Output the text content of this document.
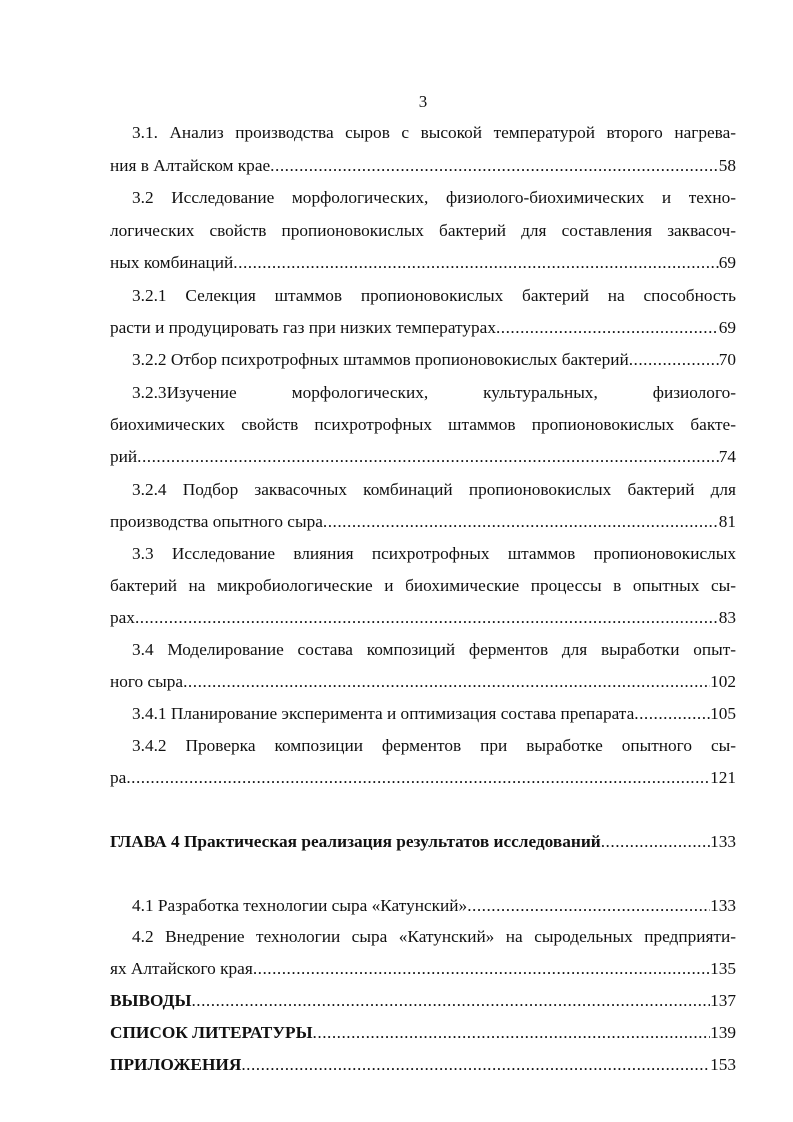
3
3.1. Анализ производства сыров с высокой температурой второго нагрева-
ния в Алтайском крае .....	58
3.2 Исследование морфологических, физиолого-биохимических и техно-
логических свойств пропионовокислых бактерий для составления заквасоч-
ных комбинаций .....	69
3.2.1 Селекция штаммов пропионовокислых бактерий на способность
расти и продуцировать газ при низких температурах .....	69
3.2.2 Отбор психротрофных штаммов пропионовокислых бактерий .....	70
3.2.3Изучение морфологических, культуральных, физиолого-
биохимических свойств психротрофных штаммов пропионовокислых бакте-
рий .....	74
3.2.4 Подбор заквасочных комбинаций пропионовокислых бактерий для
производства опытного сыра .....	81
3.3 Исследование влияния психротрофных штаммов пропионовокислых
бактерий на микробиологические и биохимические процессы в опытных сы-
рах .....	83
3.4 Моделирование состава композиций ферментов для выработки опыт-
ного сыра .....	102
3.4.1 Планирование эксперимента и оптимизация состава препарата .....	105
3.4.2 Проверка композиции ферментов при выработке опытного сы-
ра .....	121
ГЛАВА 4 Практическая реализация результатов исследований .....	133
4.1 Разработка технологии сыра «Катунский» .....	133
4.2 Внедрение технологии сыра «Катунский» на сыродельных предприяти-
ях Алтайского края .....	135
ВЫВОДЫ .....	137
СПИСОК ЛИТЕРАТУРЫ .....	139
ПРИЛОЖЕНИЯ .....	153
